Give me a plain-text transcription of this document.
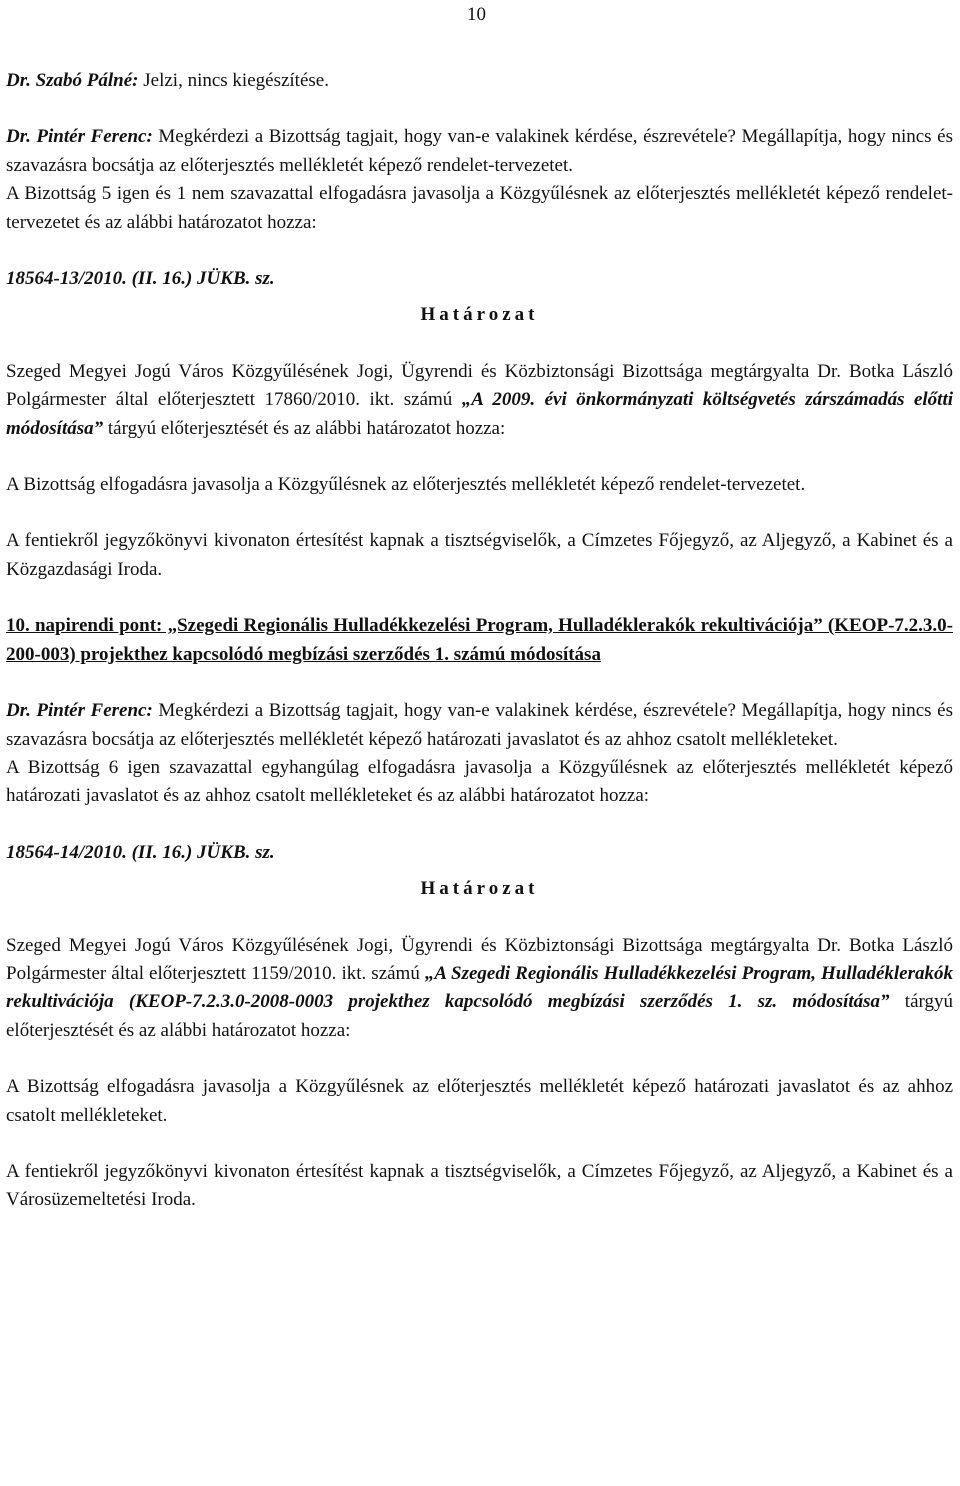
10

Dr. Szabó Pálné: Jelzi, nincs kiegészítése.

Dr. Pintér Ferenc: Megkérdezi a Bizottság tagjait, hogy van-e valakinek kérdése, észrevétele? Megállapítja, hogy nincs és szavazásra bocsátja az előterjesztés mellékletét képező rendelet-tervezetet.

A Bizottság 5 igen és 1 nem szavazattal elfogadásra javasolja a Közgyűlésnek az előterjesztés mellékletét képező rendelet-tervezetet és az alábbi határozatot hozza:

18564-13/2010. (II. 16.) JÜKB. sz.

Határozat

Szeged Megyei Jogú Város Közgyűlésének Jogi, Ügyrendi és Közbiztonsági Bizottsága megtárgyalta Dr. Botka László Polgármester által előterjesztett 17860/2010. ikt. számú „A 2009. évi önkormányzati költségvetés zárszámadás előtti módosítása” tárgyú előterjesztését és az alábbi határozatot hozza:

A Bizottság elfogadásra javasolja a Közgyűlésnek az előterjesztés mellékletét képező rendelet-tervezetet.

A fentiekről jegyzőkönyvi kivonaton értesítést kapnak a tisztségviselők, a Címzetes Főjegyző, az Aljegyző, a Kabinet és a Közgazdasági Iroda.

10. napirendi pont: „Szegedi Regionális Hulladékkezelési Program, Hulladéklerakók rekultivációja” (KEOP-7.2.3.0-200-003) projekthez kapcsolódó megbízási szerződés 1. számú módosítása

Dr. Pintér Ferenc: Megkérdezi a Bizottság tagjait, hogy van-e valakinek kérdése, észrevétele? Megállapítja, hogy nincs és szavazásra bocsátja az előterjesztés mellékletét képező határozati javaslatot és az ahhoz csatolt mellékleteket.

A Bizottság 6 igen szavazattal egyhangúlag elfogadásra javasolja a Közgyűlésnek az előterjesztés mellékletét képező határozati javaslatot és az ahhoz csatolt mellékleteket és az alábbi határozatot hozza:

18564-14/2010. (II. 16.) JÜKB. sz.

Határozat

Szeged Megyei Jogú Város Közgyűlésének Jogi, Ügyrendi és Közbiztonsági Bizottsága megtárgyalta Dr. Botka László Polgármester által előterjesztett 1159/2010. ikt. számú „A Szegedi Regionális Hulladékkezelési Program, Hulladéklerakók rekultivációja (KEOP-7.2.3.0-2008-0003 projekthez kapcsolódó megbízási szerződés 1. sz. módosítása” tárgyú előterjesztését és az alábbi határozatot hozza:

A Bizottság elfogadásra javasolja a Közgyűlésnek az előterjesztés mellékletét képező határozati javaslatot és az ahhoz csatolt mellékleteket.

A fentiekről jegyzőkönyvi kivonaton értesítést kapnak a tisztségviselők, a Címzetes Főjegyző, az Aljegyző, a Kabinet és a Városüzemeltetési Iroda.
